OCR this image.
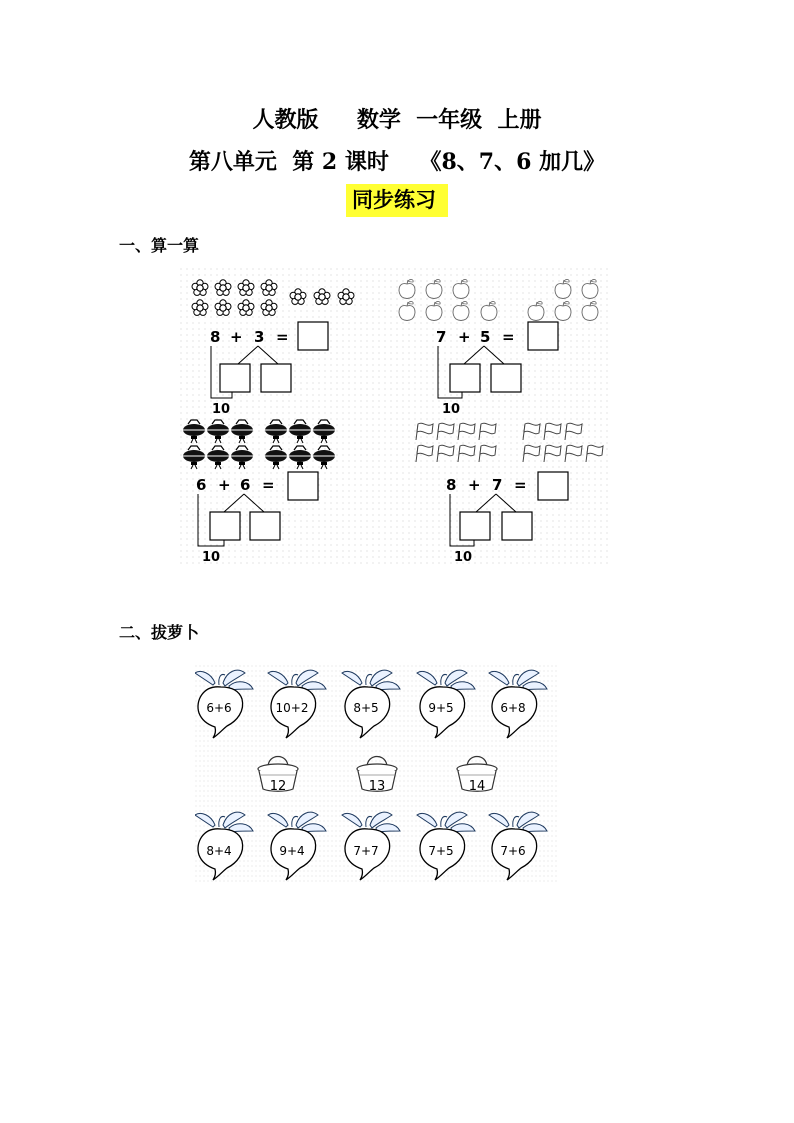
人教版     数学  一年级  上册
第八单元  第 2 课时    《8、7、6 加几》
同步练习
一、算一算
8 + 3 =
10
7 + 5 =
10
6 + 6 =
10
8 + 7 =
10
二、拔萝卜
6+6	10+2	8+5	9+5	6+8
12	13	14
8+4	9+4	7+7	7+5	7+6
